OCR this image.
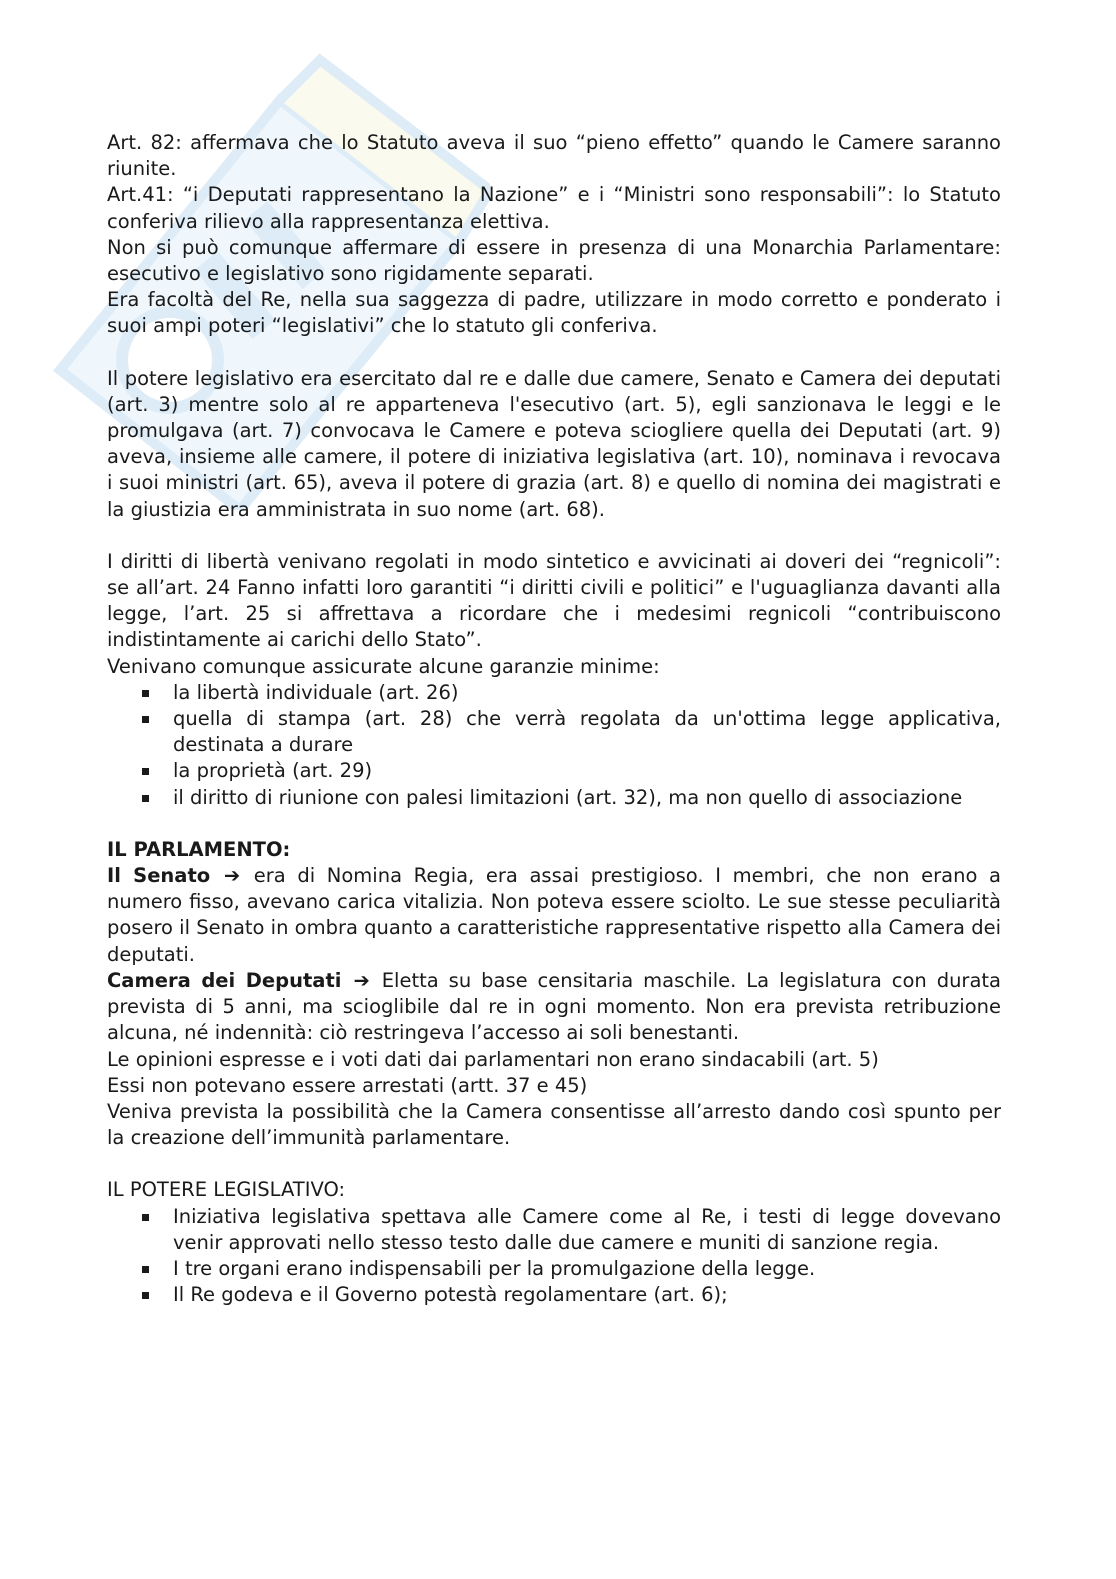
Art. 82: affermava che lo Statuto aveva il suo “pieno effetto” quando le Camere saranno riunite.

Art.41: “i Deputati rappresentano la Nazione” e i “Ministri sono responsabili”: lo Statuto conferiva rilievo alla rappresentanza elettiva.

Non si può comunque affermare di essere in presenza di una Monarchia Parlamentare: esecutivo e legislativo sono rigidamente separati.

Era facoltà del Re, nella sua saggezza di padre, utilizzare in modo corretto e ponderato i suoi ampi poteri “legislativi” che lo statuto gli conferiva.

Il potere legislativo era esercitato dal re e dalle due camere, Senato e Camera dei deputati (art. 3) mentre solo al re apparteneva l'esecutivo (art. 5), egli sanzionava le leggi e le promulgava (art. 7) convocava le Camere e poteva sciogliere quella dei Deputati (art. 9) aveva, insieme alle camere, il potere di iniziativa legislativa (art. 10), nominava i revocava i suoi ministri (art. 65), aveva il potere di grazia (art. 8) e quello di nomina dei magistrati e la giustizia era amministrata in suo nome (art. 68).

I diritti di libertà venivano regolati in modo sintetico e avvicinati ai doveri dei “regnicoli”: se all’art. 24 Fanno infatti loro garantiti “i diritti civili e politici” e l'uguaglianza davanti alla legge, l’art. 25 si affrettava a ricordare che i medesimi regnicoli “contribuiscono indistintamente ai carichi dello Stato”.

Venivano comunque assicurate alcune garanzie minime:

la libertà individuale (art. 26)
quella di stampa (art. 28) che verrà regolata da un'ottima legge applicativa, destinata a durare
la proprietà (art. 29)
il diritto di riunione con palesi limitazioni (art. 32), ma non quello di associazione

IL PARLAMENTO:

Il Senato ➔ era di Nomina Regia, era assai prestigioso. I membri, che non erano a numero fisso, avevano carica vitalizia. Non poteva essere sciolto. Le sue stesse peculiarità posero il Senato in ombra quanto a caratteristiche rappresentative rispetto alla Camera dei deputati.

Camera dei Deputati ➔ Eletta su base censitaria maschile. La legislatura con durata prevista di 5 anni, ma scioglibile dal re in ogni momento. Non era prevista retribuzione alcuna, né indennità: ciò restringeva l’accesso ai soli benestanti.

Le opinioni espresse e i voti dati dai parlamentari non erano sindacabili (art. 5)

Essi non potevano essere arrestati (artt. 37 e 45)

Veniva prevista la possibilità che la Camera consentisse all’arresto dando così spunto per la creazione dell’immunità parlamentare.

IL POTERE LEGISLATIVO:

Iniziativa legislativa spettava alle Camere come al Re, i testi di legge dovevano venir approvati nello stesso testo dalle due camere e muniti di sanzione regia.
I tre organi erano indispensabili per la promulgazione della legge.
Il Re godeva e il Governo potestà regolamentare (art. 6);
